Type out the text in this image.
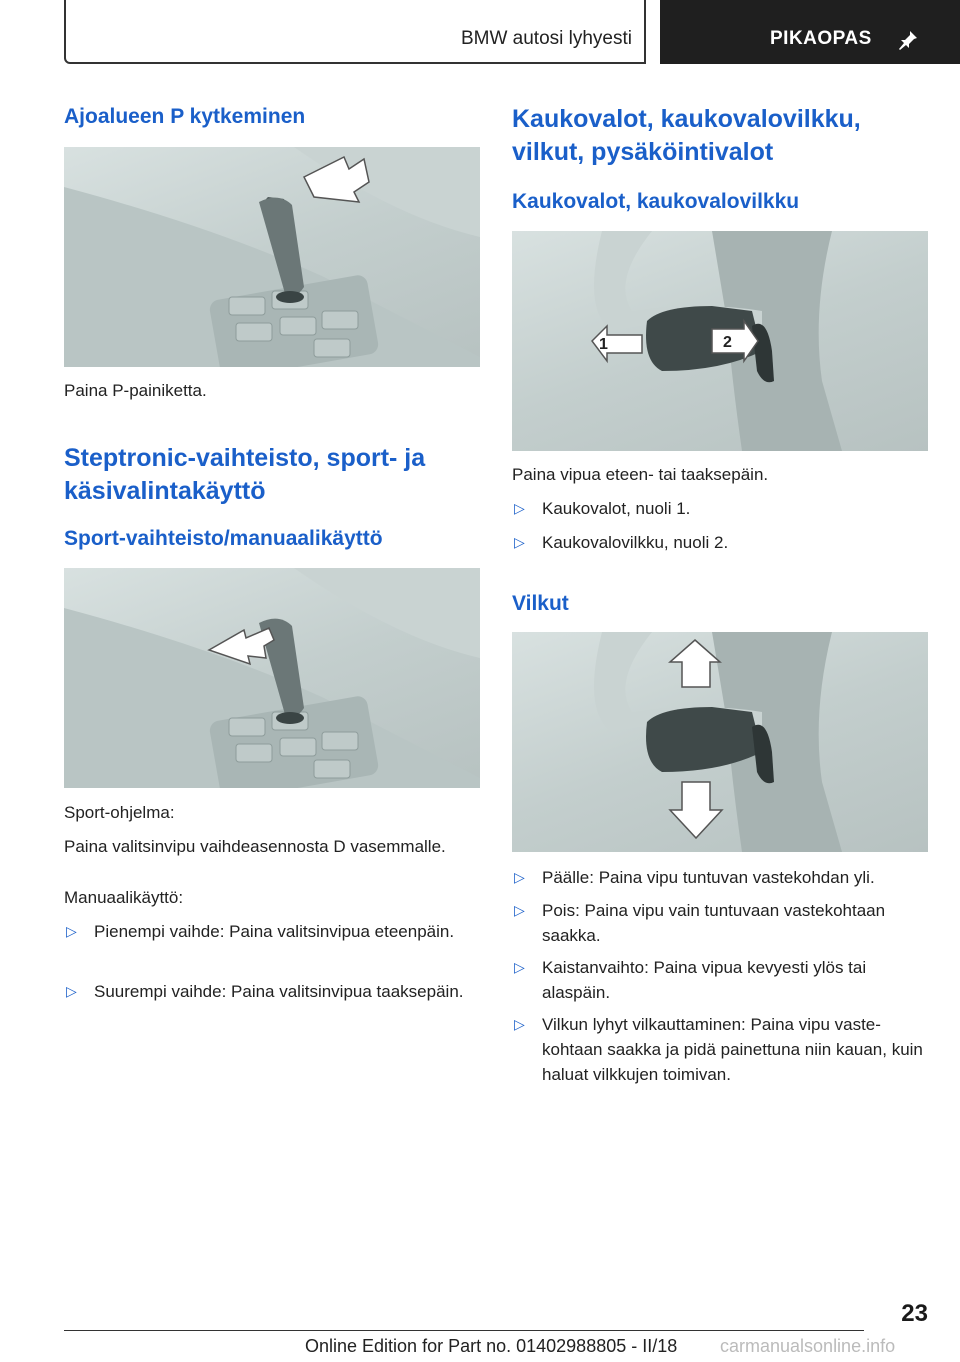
BMW autosi lyhyesti	PIKAOPAS
Ajoalueen P kytkeminen

Paina P-painiketta.

Steptronic-vaihteisto, sport- ja käsivalintakäyttö
Sport-vaihteisto/manuaalikäyttö

Sport-ohjelma:

Paina valitsinvipu vaihdeasennosta D vasemmalle.

Manuaalikäyttö:

▷ Pienempi vaihde: Paina valitsinvipua eteenpäin.
▷ Suurempi vaihde: Paina valitsinvipua taaksepäin.
Kaukovalot, kaukovalovilkku, vilkut, pysäköintivalot
Kaukovalot, kaukovalovilkku
1	2

Paina vipua eteen- tai taaksepäin.

▷ Kaukovalot, nuoli 1.
▷ Kaukovalovilkku, nuoli 2.
Vilkut
▷ Päälle: Paina vipu tuntuvan vastekohdan yli.
▷ Pois: Paina vipu vain tuntuvaan vastekohtaan saakka.
▷ Kaistanvaihto: Paina vipua kevyesti ylös tai alaspäin.
▷ Vilkun lyhyt vilkauttaminen: Paina vipu vastekohtaan saakka ja pidä painettuna niin kauan, kuin haluat vilkkujen toimivan.
23
Online Edition for Part no. 01402988805 - II/18 carmanualsonline.info
